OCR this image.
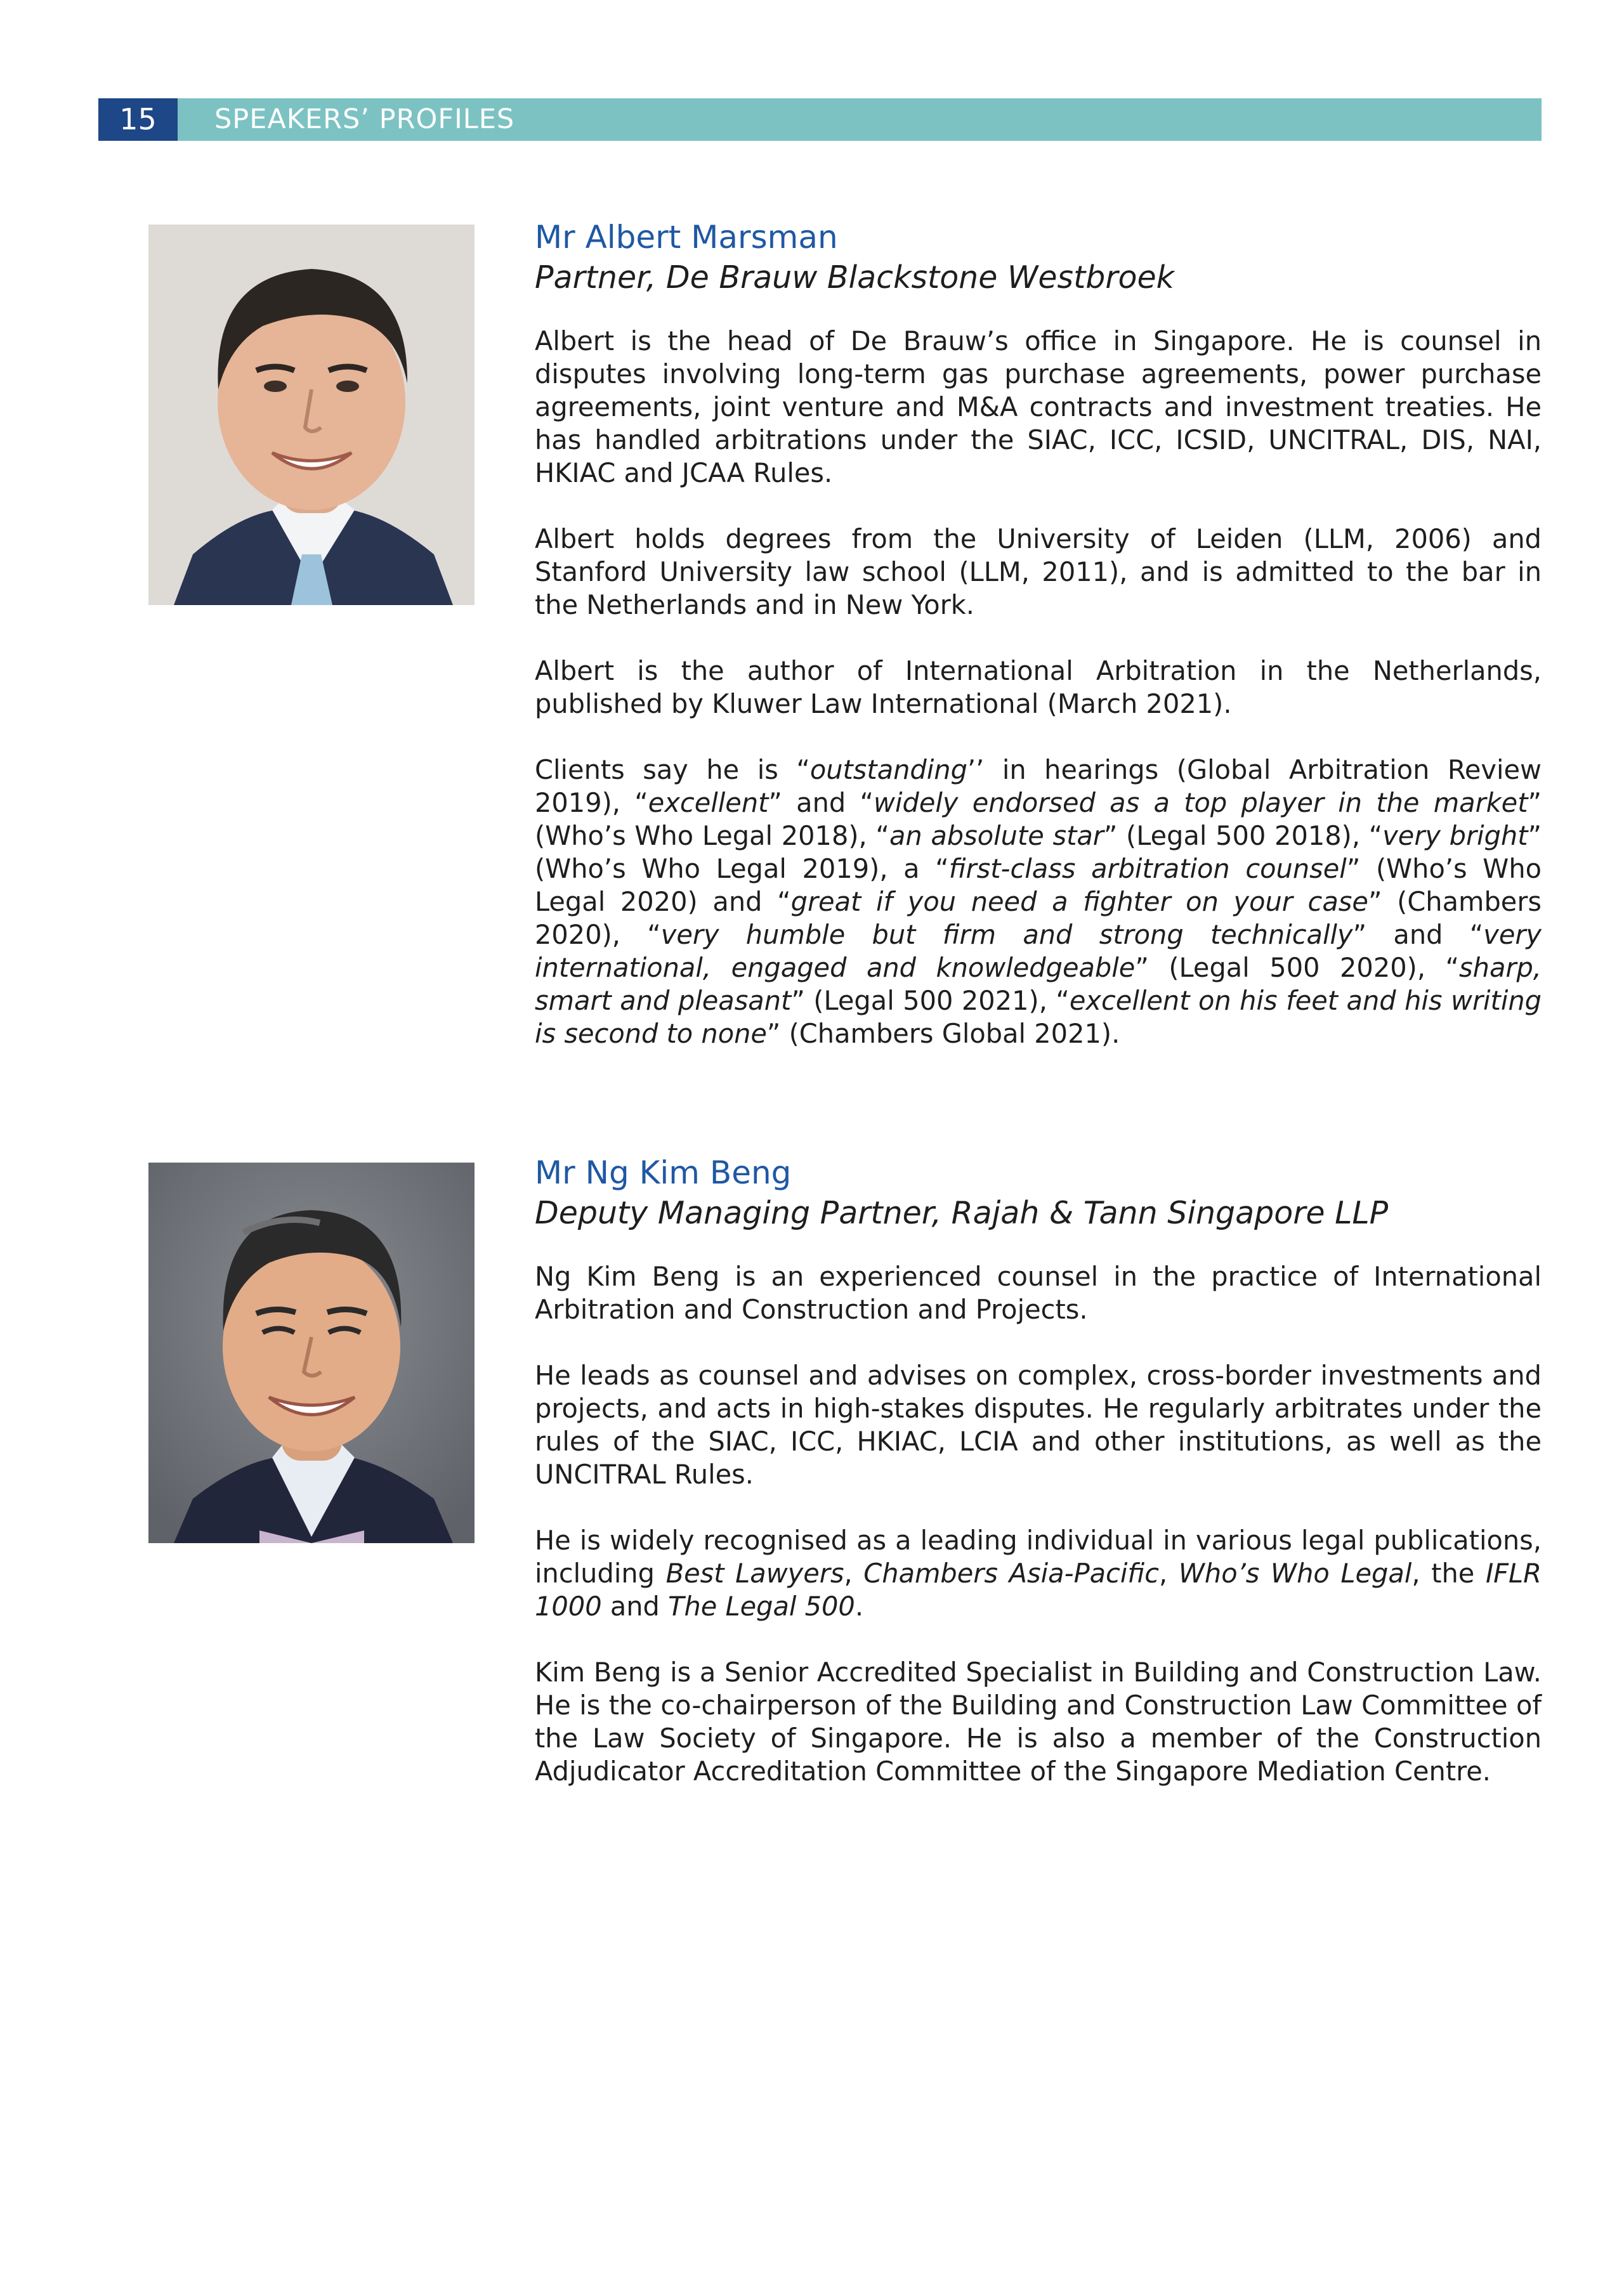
15	SPEAKERS’ PROFILES
Mr Albert Marsman

Partner, De Brauw Blackstone Westbroek

Albert is the head of De Brauw’s office in Singapore. He is counsel in disputes involving long-term gas purchase agreements, power purchase agreements, joint venture and M&A contracts and investment treaties. He has handled arbitrations under the SIAC, ICC, ICSID, UNCITRAL, DIS, NAI, HKIAC and JCAA Rules.

Albert holds degrees from the University of Leiden (LLM, 2006) and Stanford University law school (LLM, 2011), and is admitted to the bar in the Netherlands and in New York.

Albert is the author of International Arbitration in the Netherlands, published by Kluwer Law International (March 2021).

Clients say he is “outstanding’’ in hearings (Global Arbitration Review 2019), “excellent” and “widely endorsed as a top player in the market” (Who’s Who Legal 2018), “an absolute star” (Legal 500 2018), “very bright” (Who’s Who Legal 2019), a “first-class arbitration counsel” (Who’s Who Legal 2020) and “great if you need a fighter on your case” (Chambers 2020), “very humble but firm and strong technically” and “very international, engaged and knowledgeable” (Legal 500 2020), “sharp, smart and pleasant” (Legal 500 2021), “excellent on his feet and his writing is second to none” (Chambers Global 2021).

Mr Ng Kim Beng

Deputy Managing Partner, Rajah & Tann Singapore LLP

Ng Kim Beng is an experienced counsel in the practice of International Arbitration and Construction and Projects.

He leads as counsel and advises on complex, cross-border investments and projects, and acts in high-stakes disputes. He regularly arbitrates under the rules of the SIAC, ICC, HKIAC, LCIA and other institutions, as well as the UNCITRAL Rules.

He is widely recognised as a leading individual in various legal publications, including Best Lawyers, Chambers Asia-Pacific, Who’s Who Legal, the IFLR 1000 and The Legal 500.

Kim Beng is a Senior Accredited Specialist in Building and Construction Law. He is the co-chairperson of the Building and Construction Law Committee of the Law Society of Singapore. He is also a member of the Construction Adjudicator Accreditation Committee of the Singapore Mediation Centre.
